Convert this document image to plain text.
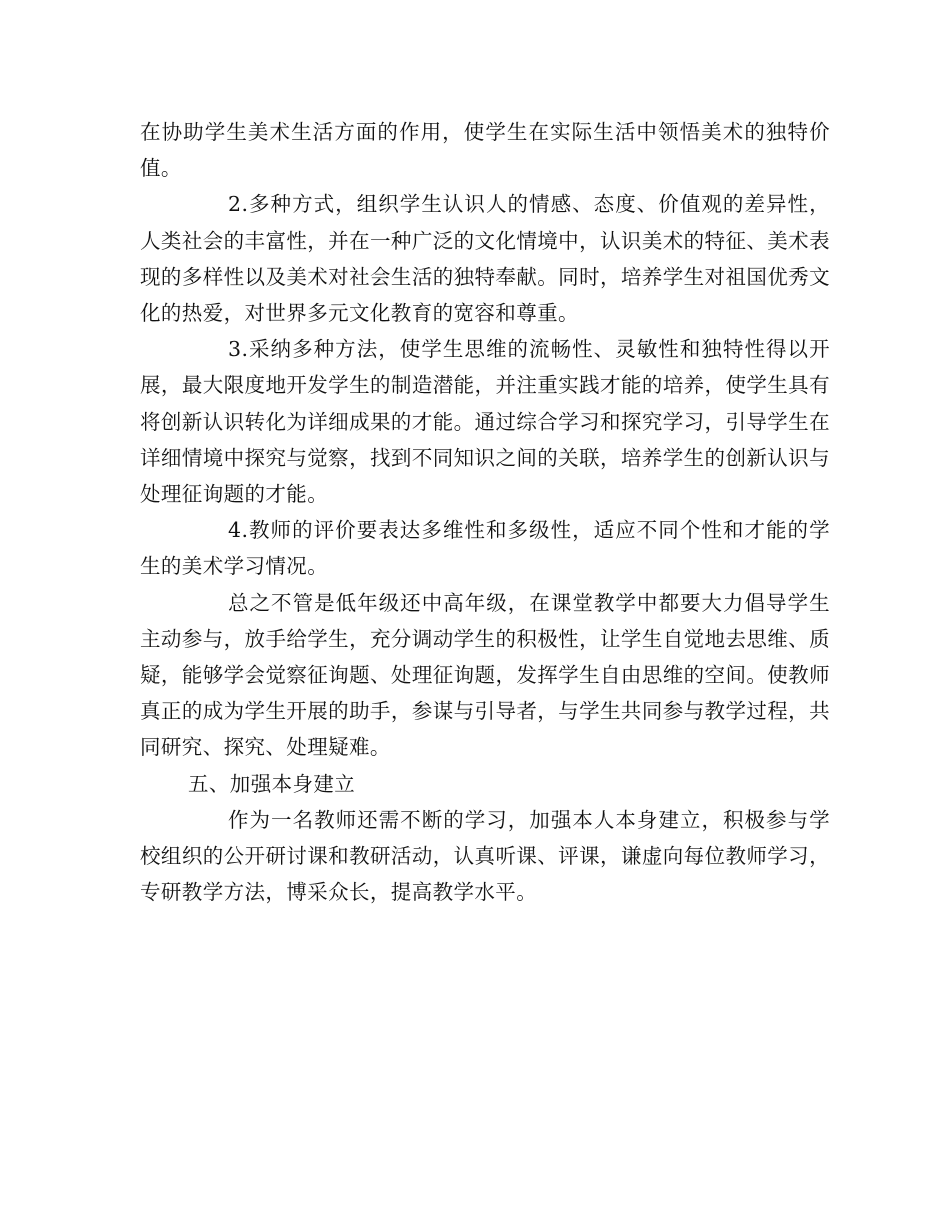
在协助学生美术生活方面的作用，使学生在实际生活中领悟美术的独特价值。

2.多种方式，组织学生认识人的情感、态度、价值观的差异性，人类社会的丰富性，并在一种广泛的文化情境中，认识美术的特征、美术表现的多样性以及美术对社会生活的独特奉献。同时，培养学生对祖国优秀文化的热爱，对世界多元文化教育的宽容和尊重。

3.采纳多种方法，使学生思维的流畅性、灵敏性和独特性得以开展，最大限度地开发学生的制造潜能，并注重实践才能的培养，使学生具有将创新认识转化为详细成果的才能。通过综合学习和探究学习，引导学生在详细情境中探究与觉察，找到不同知识之间的关联，培养学生的创新认识与处理征询题的才能。

4.教师的评价要表达多维性和多级性，适应不同个性和才能的学生的美术学习情况。

总之不管是低年级还中高年级，在课堂教学中都要大力倡导学生主动参与，放手给学生，充分调动学生的积极性，让学生自觉地去思维、质疑，能够学会觉察征询题、处理征询题，发挥学生自由思维的空间。使教师真正的成为学生开展的助手，参谋与引导者，与学生共同参与教学过程，共同研究、探究、处理疑难。

五、加强本身建立

作为一名教师还需不断的学习，加强本人本身建立，积极参与学校组织的公开研讨课和教研活动，认真听课、评课，谦虚向每位教师学习，专研教学方法，博采众长，提高教学水平。
